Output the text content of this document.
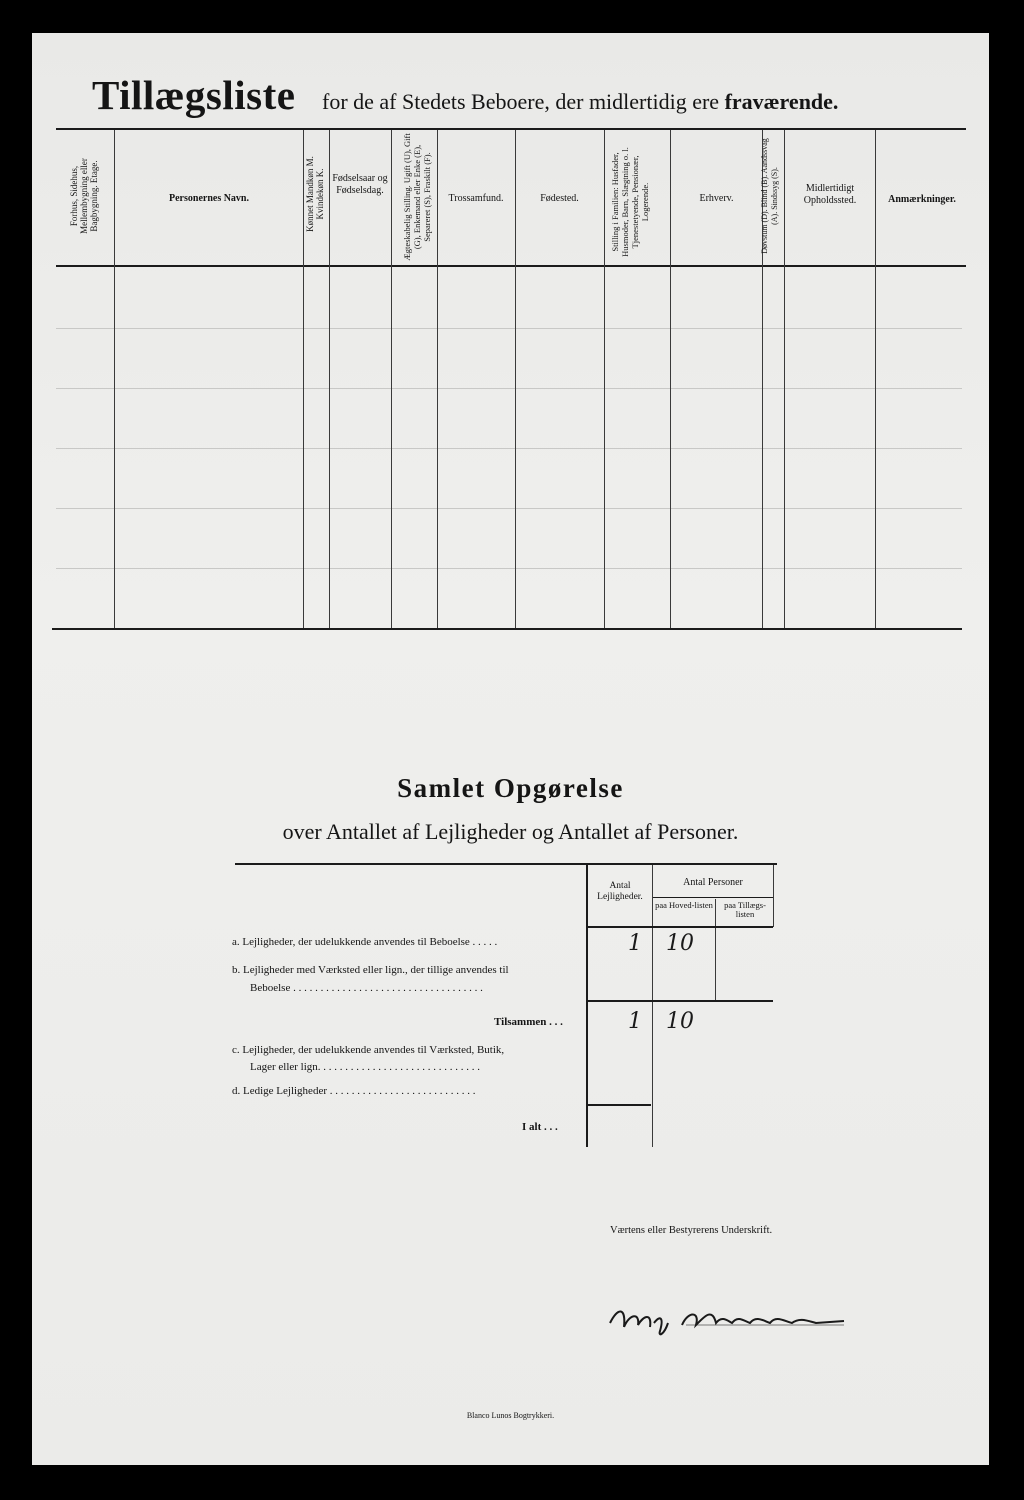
Tillægsliste for de af Stedets Beboere, der midlertidig ere fraværende.
Forhus, Sidehus, Mellembygning eller Bagbygning. Etage.	Personernes Navn.	Kønnet Mandkøn M. Kvindekøn K. Fødselsaar og Fødselsdag.	Ægteskabelig Stilling. Ugift (U), Gift (G), Enkemand eller Enke (E), Separeret (S), Fraskilt (F).	Trossamfund.	Fødested.	Stilling i Familien: Husfader, Husmoder, Barn, Slægtning o. l. Tjenestetyende, Pensionær, Logerende.	Erhverv.	Døvstum (D). Blind (B). Aandssvag (A). Sindssyg (S).	Midlertidigt Opholdssted.	Anmærkninger.
Samlet Opgørelse
over Antallet af Lejligheder og Antallet af Personer.
Antal Lejligheder.
Antal Personer
paa Hoved-listen	paa Tillægs-listen
a. Lejligheder, der udelukkende anvendes til Beboelse . . . . .	1 10
b. Lejligheder med Værksted eller lign., der tillige anvendes til
Beboelse . . . . . . . . . . . . . . . . . . . . . . . . . . . . . . . . . . .
Tilsammen . . .	1 10
c. Lejligheder, der udelukkende anvendes til Værksted, Butik,
Lager eller lign. . . . . . . . . . . . . . . . . . . . . . . . . . . . . .
d. Ledige Lejligheder . . . . . . . . . . . . . . . . . . . . . . . . . . .
I alt . . .
Værtens eller Bestyrerens Underskrift.
Blanco Lunos Bogtrykkeri.
